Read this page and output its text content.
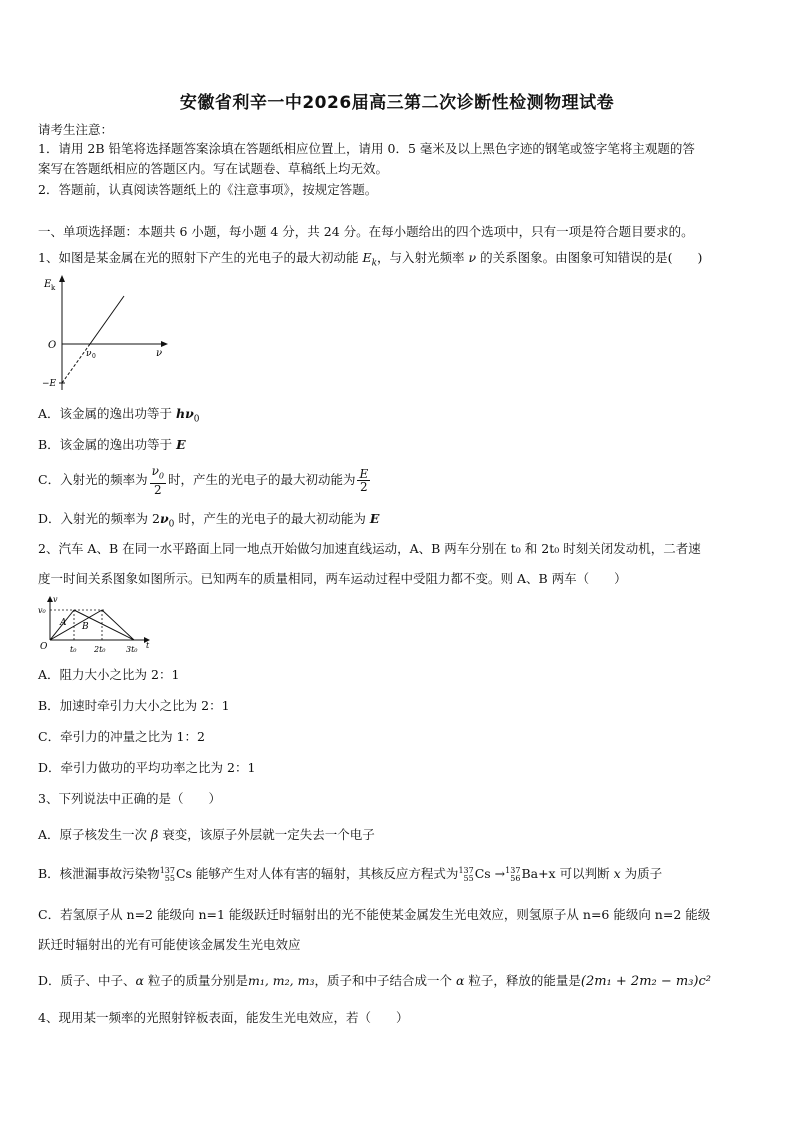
安徽省利辛一中2026届高三第二次诊断性检测物理试卷
请考生注意：
1．请用 2B 铅笔将选择题答案涂填在答题纸相应位置上，请用 0．5 毫米及以上黑色字迹的钢笔或签字笔将主观题的答
案写在答题纸相应的答题区内。写在试题卷、草稿纸上均无效。
2．答题前，认真阅读答题纸上的《注意事项》，按规定答题。
一、单项选择题：本题共 6 小题，每小题 4 分，共 24 分。在每小题给出的四个选项中，只有一项是符合题目要求的。
1、如图是某金属在光的照射下产生的光电子的最大初动能 $E_k$，与入射光频率 ν 的关系图象。由图象可知错误的是(　　)
E k
ν
O
ν 0
−E
A．该金属的逸出功等于 $h\nu_0$
B．该金属的逸出功等于 E
C．入射光的频率为 $\frac{\nu_0}{2}$ 时，产生的光电子的最大初动能为 $\frac{E}{2}$
D．入射光的频率为 $2\nu_0$ 时，产生的光电子的最大初动能为 E
2、汽车 A、B 在同一水平路面上同一地点开始做匀加速直线运动，A、B 两车分别在 t₀ 和 2t₀ 时刻关闭发动机，二者速
度一时间关系图象如图所示。已知两车的质量相同，两车运动过程中受阻力都不变。则 A、B 两车（　　）
v₀
v
A B
O	t₀ 2t₀	3t₀ t
A．阻力大小之比为 2：1
B．加速时牵引力大小之比为 2：1
C．牵引力的冲量之比为 1：2
D．牵引力做功的平均功率之比为 2：1
3、下列说法中正确的是（　　）
A．原子核发生一次 β 衰变，该原子外层就一定失去一个电子
B．核泄漏事故污染物 137
55 Cs 能够产生对人体有害的辐射，其核反应方程式为 137
55 Cs → 137
56 Ba+x 可以判断 x 为质子
C．若氢原子从 n=2 能级向 n=1 能级跃迁时辐射出的光不能使某金属发生光电效应，则氢原子从 n=6 能级向 n=2 能级
跃迁时辐射出的光有可能使该金属发生光电效应
D．质子、中子、α 粒子的质量分别是m₁, m₂, m₃，质子和中子结合成一个 α 粒子，释放的能量是(2m₁ + 2m₂ − m₃)c²
4、现用某一频率的光照射锌板表面，能发生光电效应，若（　　）
